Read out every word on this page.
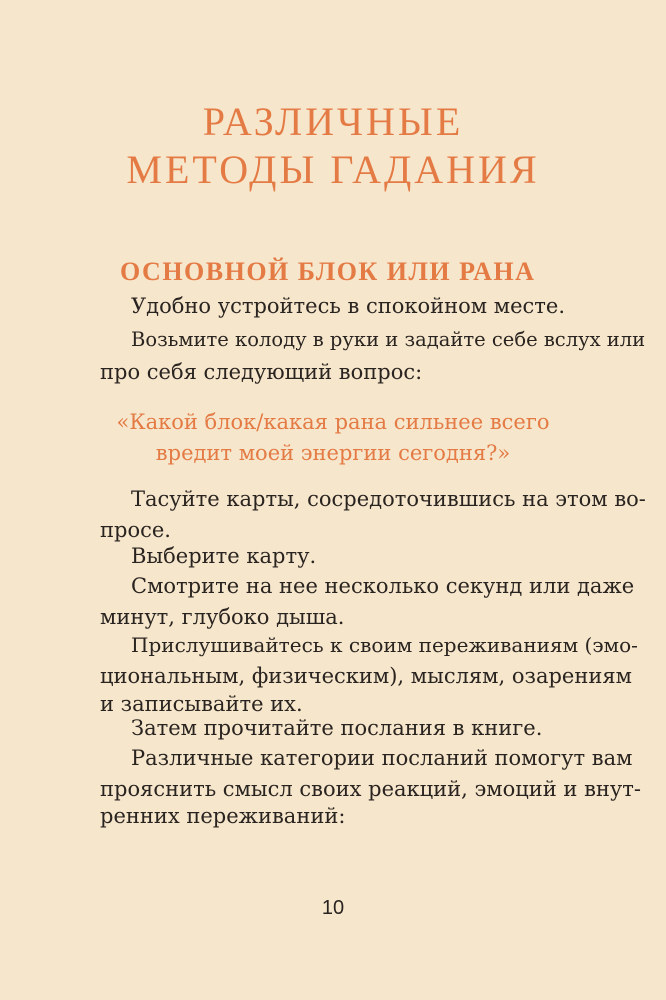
РАЗЛИЧНЫЕ
МЕТОДЫ ГАДАНИЯ
ОСНОВНОЙ БЛОК ИЛИ РАНА

Удобно устройтесь в спокойном месте.

Возьмите колоду в руки и задайте себе вслух или

про себя следующий вопрос:

«Какой блок/какая рана сильнее всего

вредит моей энергии сегодня?»

Тасуйте карты, сосредоточившись на этом во-

просе.

Выберите карту.

Смотрите на нее несколько секунд или даже

минут, глубоко дыша.

Прислушивайтесь к своим переживаниям (эмо-

циональным, физическим), мыслям, озарениям

и записывайте их.

Затем прочитайте послания в книге.

Различные категории посланий помогут вам

прояснить смысл своих реакций, эмоций и внут-

ренних переживаний:

10
